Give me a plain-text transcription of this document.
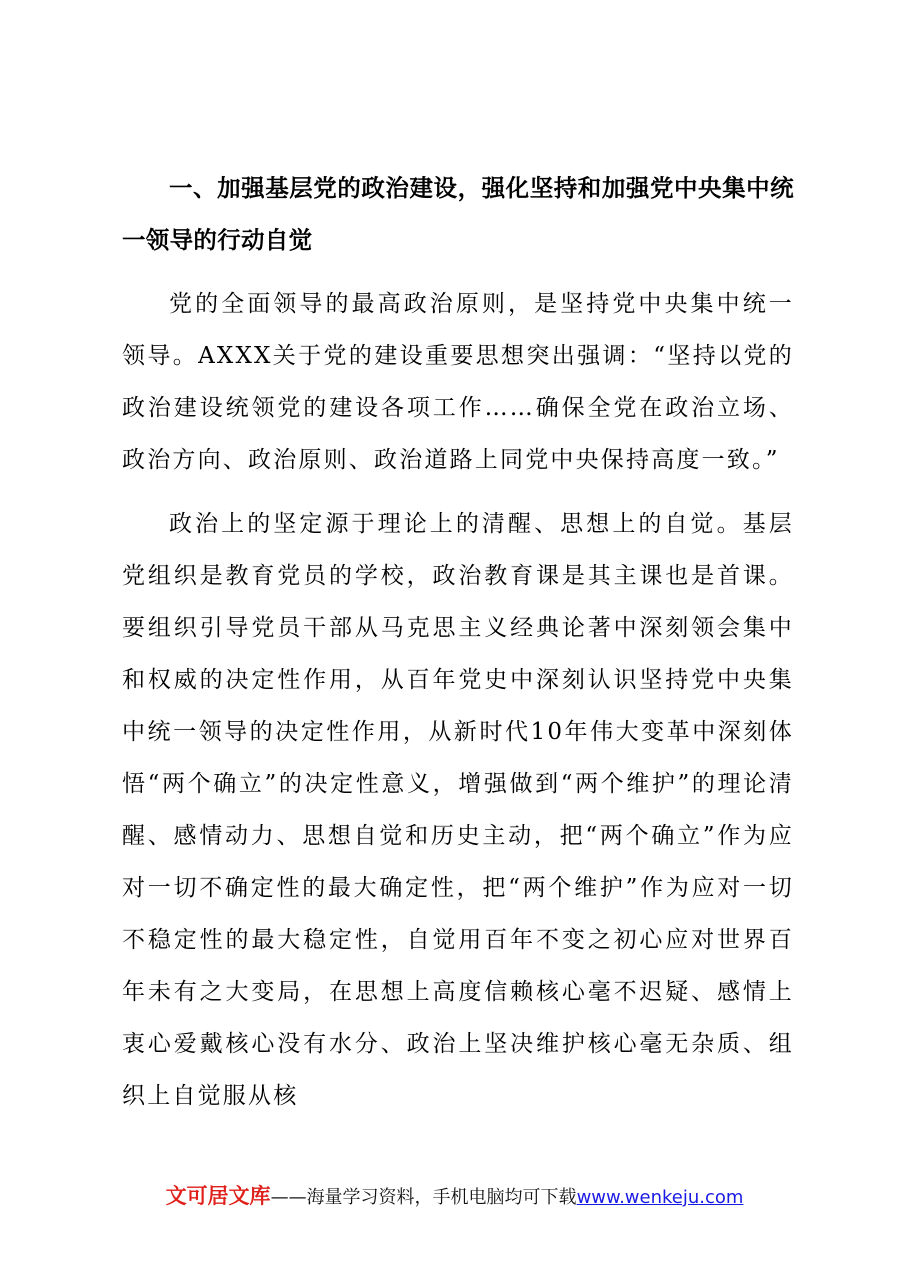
一、加强基层党的政治建设，强化坚持和加强党中央集中统一领导的行动自觉

党的全面领导的最高政治原则，是坚持党中央集中统一领导。AXXX关于党的建设重要思想突出强调：“坚持以党的政治建设统领党的建设各项工作……确保全党在政治立场、政治方向、政治原则、政治道路上同党中央保持高度一致。”

政治上的坚定源于理论上的清醒、思想上的自觉。基层党组织是教育党员的学校，政治教育课是其主课也是首课。要组织引导党员干部从马克思主义经典论著中深刻领会集中和权威的决定性作用，从百年党史中深刻认识坚持党中央集中统一领导的决定性作用，从新时代10年伟大变革中深刻体悟“两个确立”的决定性意义，增强做到“两个维护”的理论清醒、感情动力、思想自觉和历史主动，把“两个确立”作为应对一切不确定性的最大确定性，把“两个维护”作为应对一切不稳定性的最大稳定性，自觉用百年不变之初心应对世界百年未有之大变局，在思想上高度信赖核心毫不迟疑、感情上衷心爱戴核心没有水分、政治上坚决维护核心毫无杂质、组织上自觉服从核

文可居文库——海量学习资料，手机电脑均可下载www.wenkeju.com
